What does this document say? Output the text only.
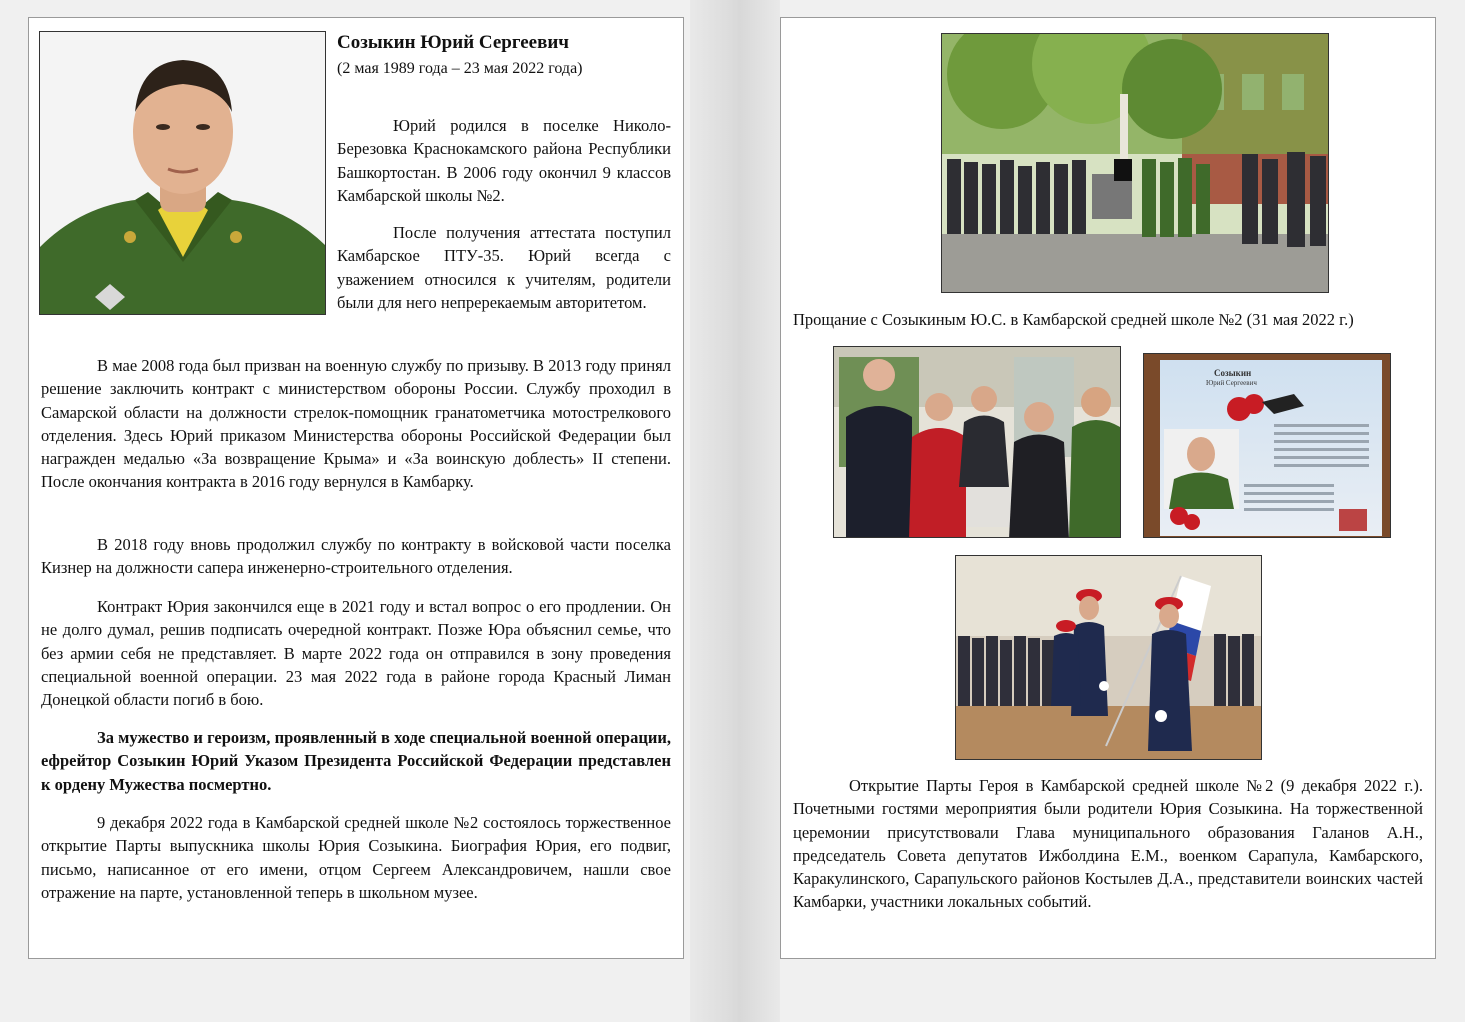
Созыкин Юрий Сергеевич
(2 мая 1989 года – 23 мая 2022 года)

Юрий родился в поселке Николо-Березовка Краснокамского района Республики Башкортостан. В 2006 году окончил 9 классов Камбарской школы №2.

После получения аттестата поступил Камбарское ПТУ-35. Юрий всегда с уважением относился к учителям, родители были для него непререкаемым авторитетом.

В мае 2008 года был призван на военную службу по призыву. В 2013 году принял решение заключить контракт с министерством обороны России. Службу проходил в Самарской области на должности стрелок-помощник гранатометчика мотострелкового отделения. Здесь Юрий приказом Министерства обороны Российской Федерации был награжден медалью «За возвращение Крыма» и «За воинскую доблесть» II степени. После окончания контракта в 2016 году вернулся в Камбарку.

В 2018 году вновь продолжил службу по контракту в войсковой части поселка Кизнер на должности сапера инженерно-строительного отделения.

Контракт Юрия закончился еще в 2021 году и встал вопрос о его продлении. Он не долго думал, решив подписать очередной контракт. Позже Юра объяснил семье, что без армии себя не представляет. В марте 2022 года он отправился в зону проведения специальной военной операции. 23 мая 2022 года в районе города Красный Лиман Донецкой области погиб в бою.

За мужество и героизм, проявленный в ходе специальной военной операции, ефрейтор Созыкин Юрий Указом Президента Российской Федерации представлен к ордену Мужества посмертно.

9 декабря 2022 года в Камбарской средней школе №2 состоялось торжественное открытие Парты выпускника школы Юрия Созыкина. Биография Юрия, его подвиг, письмо, написанное от его имени, отцом Сергеем Александровичем, нашли свое отражение на парте, установленной теперь в школьном музее.

Прощание с Созыкиным Ю.С. в Камбарской средней школе №2 (31 мая 2022 г.)
Созыкин
Юрий Сергеевич

Открытие Парты Героя в Камбарской средней школе №2 (9 декабря 2022 г.). Почетными гостями мероприятия были родители Юрия Созыкина. На торжественной церемонии присутствовали Глава муниципального образования Галанов А.Н., председатель Совета депутатов Ижболдина Е.М., военком Сарапула, Камбарского, Каракулинского, Сарапульского районов Костылев Д.А., представители воинских частей Камбарки, участники локальных событий.
